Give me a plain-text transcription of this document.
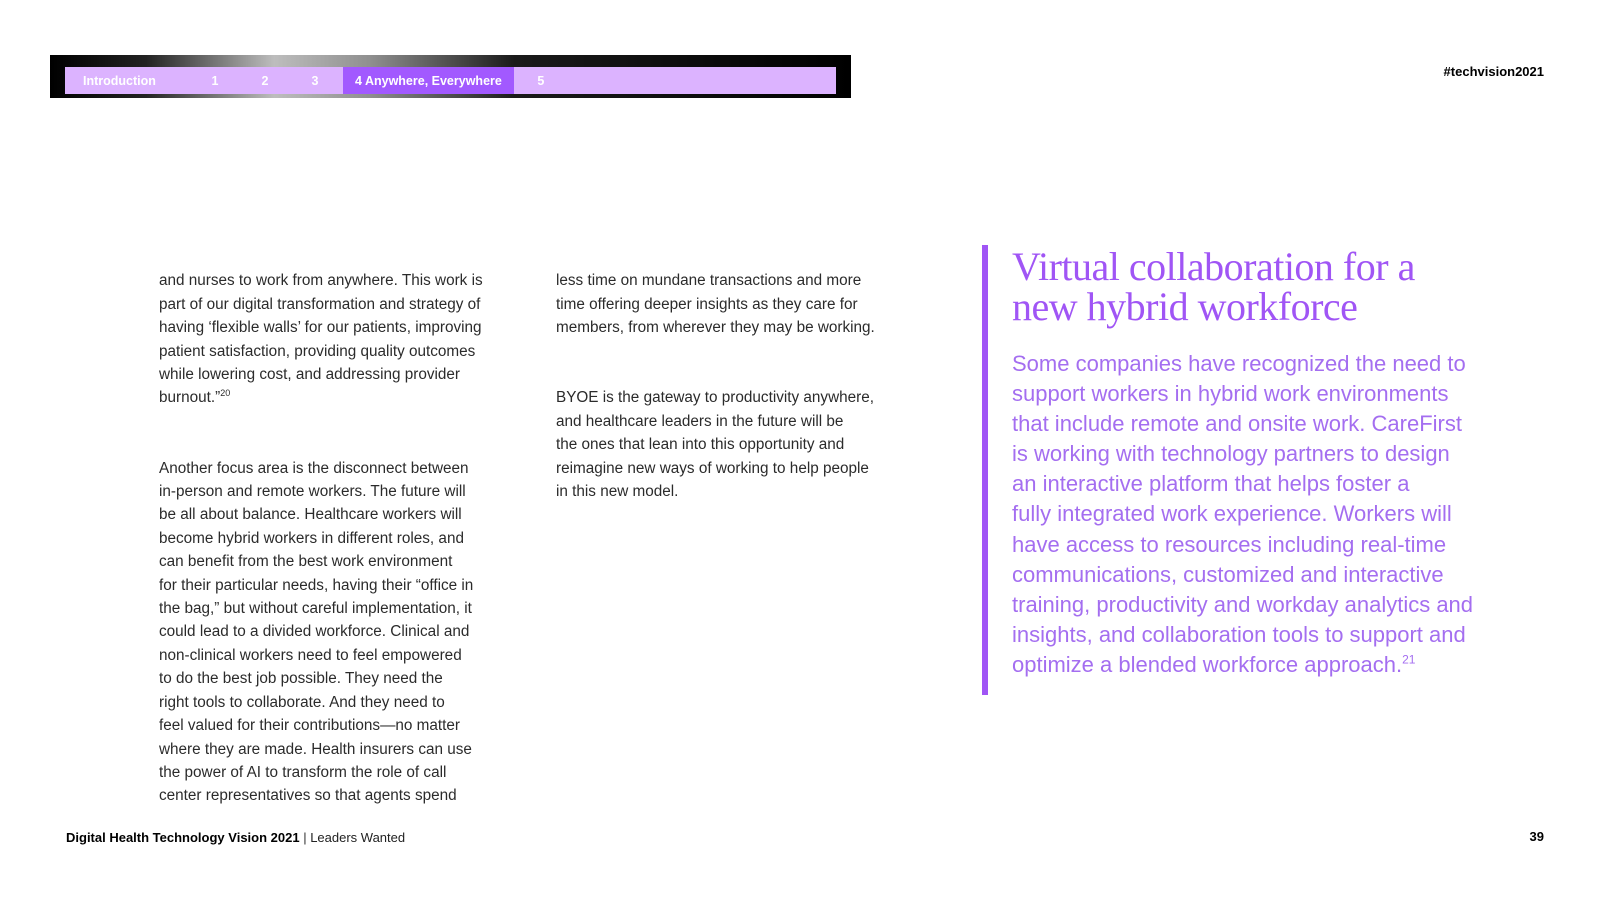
Introduction	1	2	3	4 Anywhere, Everywhere	5
#techvision2021

and nurses to work from anywhere. This work is
part of our digital transformation and strategy of
having ‘flexible walls’ for our patients, improving
patient satisfaction, providing quality outcomes
while lowering cost, and addressing provider
burnout.”$^{20}$

Another focus area is the disconnect between
in-person and remote workers. The future will
be all about balance. Healthcare workers will
become hybrid workers in different roles, and
can benefit from the best work environment
for their particular needs, having their “office in
the bag,” but without careful implementation, it
could lead to a divided workforce. Clinical and
non-clinical workers need to feel empowered
to do the best job possible. They need the
right tools to collaborate. And they need to
feel valued for their contributions—no matter
where they are made. Health insurers can use
the power of AI to transform the role of call
center representatives so that agents spend

less time on mundane transactions and more
time offering deeper insights as they care for
members, from wherever they may be working.

BYOE is the gateway to productivity anywhere,
and healthcare leaders in the future will be
the ones that lean into this opportunity and
reimagine new ways of working to help people
in this new model.

Virtual collaboration for a
new hybrid workforce
Some companies have recognized the need to
support workers in hybrid work environments
that include remote and onsite work. CareFirst
is working with technology partners to design
an interactive platform that helps foster a
fully integrated work experience. Workers will
have access to resources including real-time
communications, customized and interactive
training, productivity and workday analytics and
insights, and collaboration tools to support and
optimize a blended workforce approach.$^{21}$
Digital Health Technology Vision 2021 | Leaders Wanted	39
